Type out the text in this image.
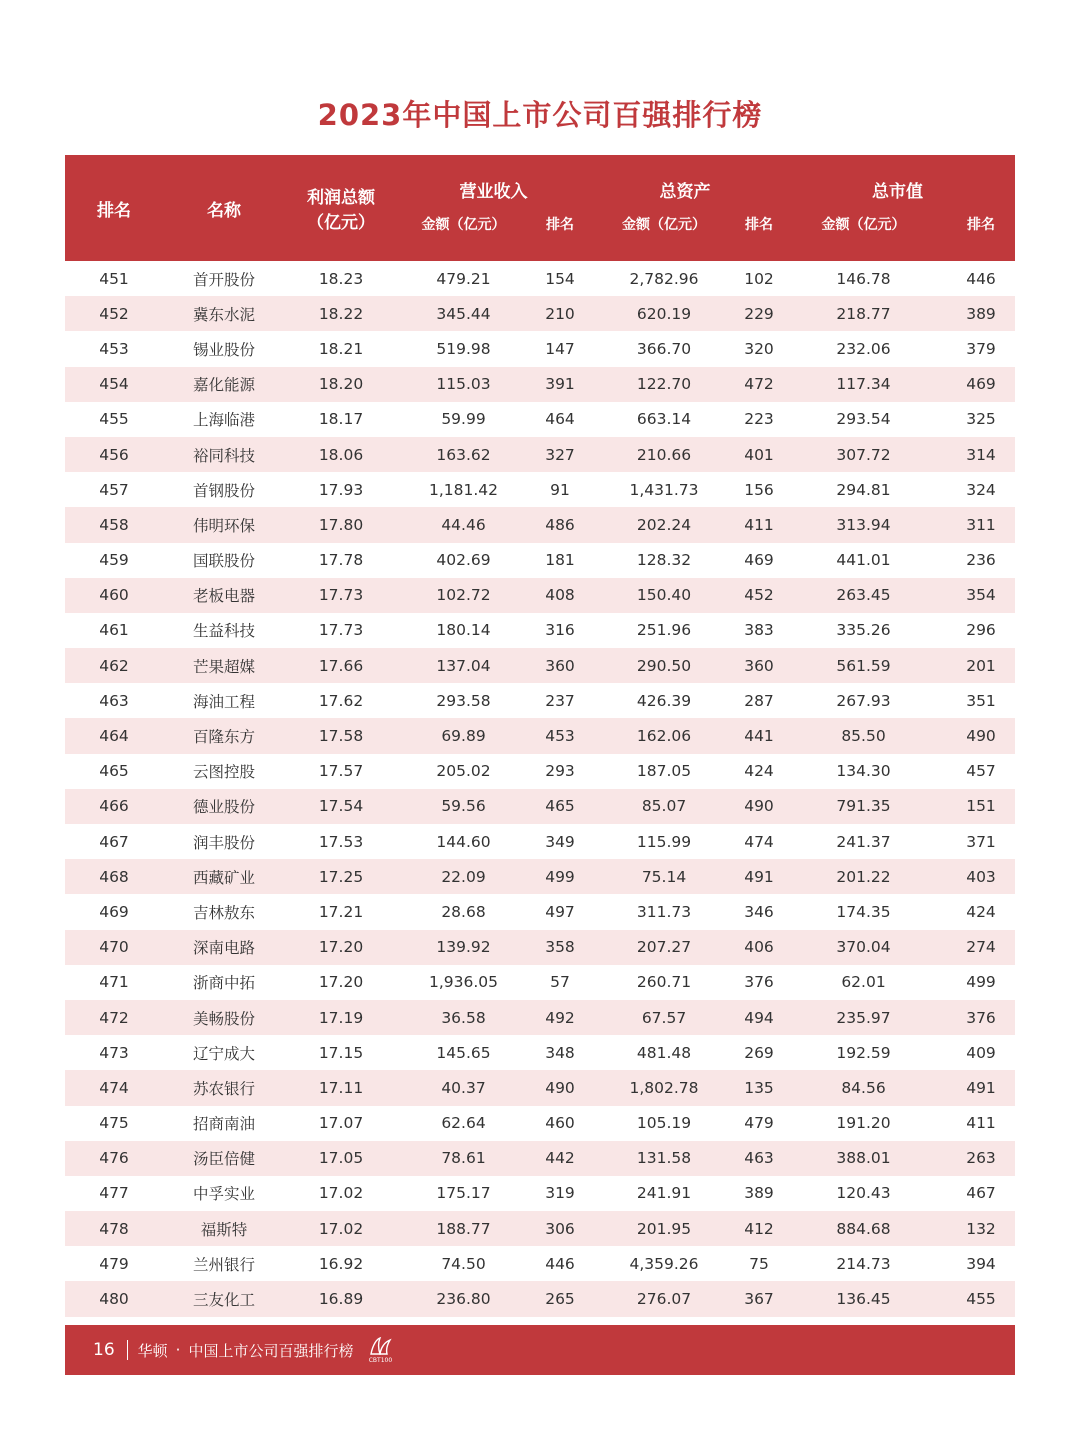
2023年中国上市公司百强排行榜
排名	名称	利润总额
（亿元）	营业收入		总资产		总市值	
			金额（亿元）	排名	金额（亿元）	排名	金额（亿元）	排名
451	首开股份	18.23	479.21	154	2,782.96	102	146.78	446
452	冀东水泥	18.22	345.44	210	620.19	229	218.77	389
453	锡业股份	18.21	519.98	147	366.70	320	232.06	379
454	嘉化能源	18.20	115.03	391	122.70	472	117.34	469
455	上海临港	18.17	59.99	464	663.14	223	293.54	325
456	裕同科技	18.06	163.62	327	210.66	401	307.72	314
457	首钢股份	17.93	1,181.42	91	1,431.73	156	294.81	324
458	伟明环保	17.80	44.46	486	202.24	411	313.94	311
459	国联股份	17.78	402.69	181	128.32	469	441.01	236
460	老板电器	17.73	102.72	408	150.40	452	263.45	354
461	生益科技	17.73	180.14	316	251.96	383	335.26	296
462	芒果超媒	17.66	137.04	360	290.50	360	561.59	201
463	海油工程	17.62	293.58	237	426.39	287	267.93	351
464	百隆东方	17.58	69.89	453	162.06	441	85.50	490
465	云图控股	17.57	205.02	293	187.05	424	134.30	457
466	德业股份	17.54	59.56	465	85.07	490	791.35	151
467	润丰股份	17.53	144.60	349	115.99	474	241.37	371
468	西藏矿业	17.25	22.09	499	75.14	491	201.22	403
469	吉林敖东	17.21	28.68	497	311.73	346	174.35	424
470	深南电路	17.20	139.92	358	207.27	406	370.04	274
471	浙商中拓	17.20	1,936.05	57	260.71	376	62.01	499
472	美畅股份	17.19	36.58	492	67.57	494	235.97	376
473	辽宁成大	17.15	145.65	348	481.48	269	192.59	409
474	苏农银行	17.11	40.37	490	1,802.78	135	84.56	491
475	招商南油	17.07	62.64	460	105.19	479	191.20	411
476	汤臣倍健	17.05	78.61	442	131.58	463	388.01	263
477	中孚实业	17.02	175.17	319	241.91	389	120.43	467
478	福斯特	17.02	188.77	306	201.95	412	884.68	132
479	兰州银行	16.92	74.50	446	4,359.26	75	214.73	394
480	三友化工	16.89	236.80	265	276.07	367	136.45	455
16 华顿 · 中国上市公司百强排行榜
CBT100
